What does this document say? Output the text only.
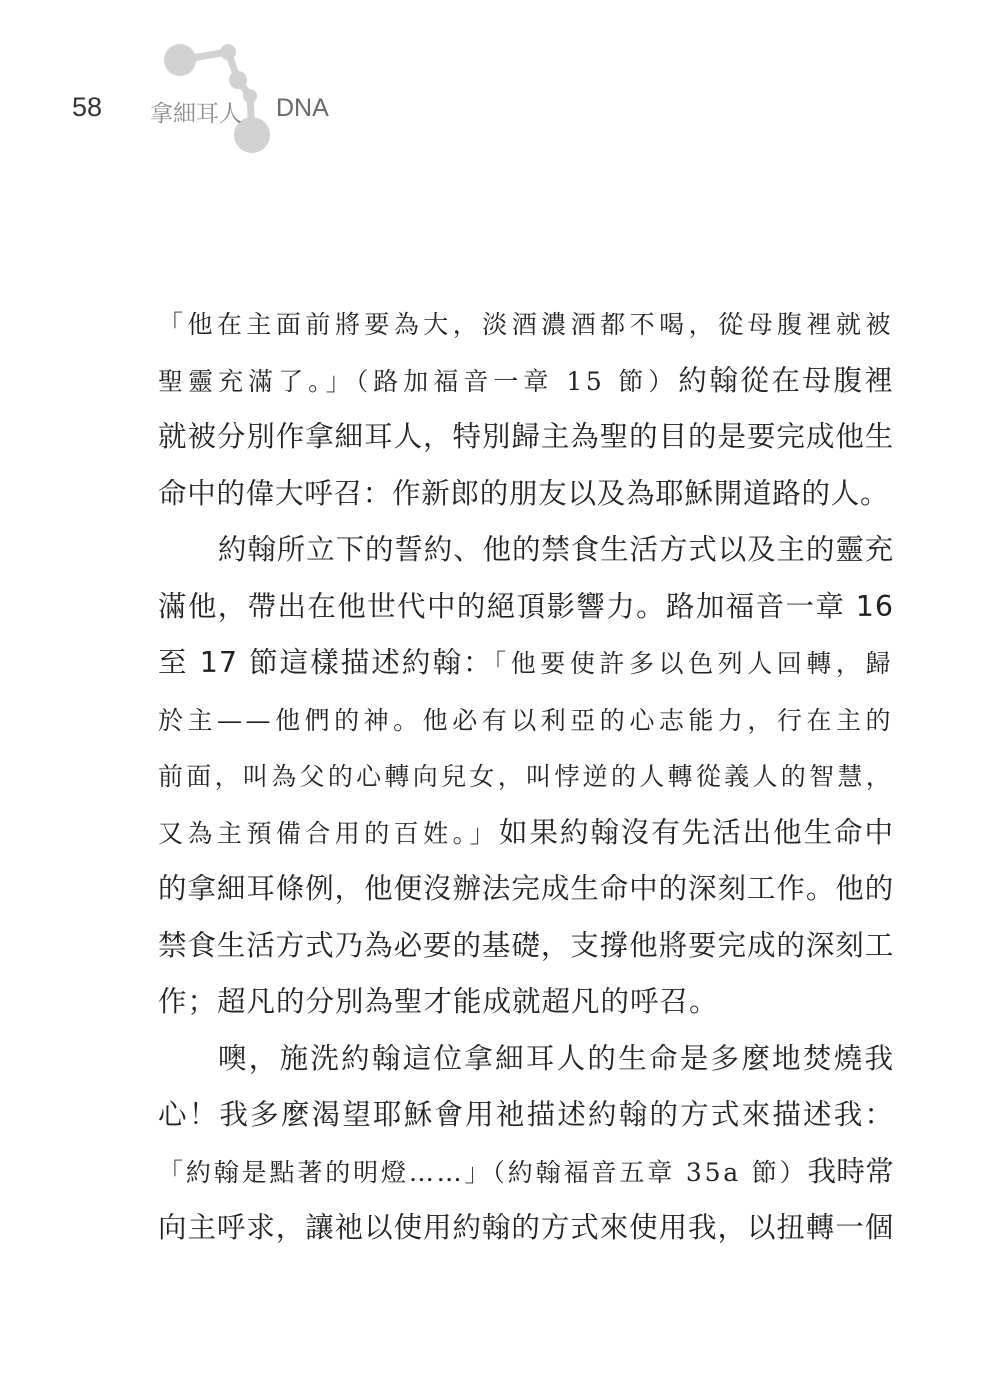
58 拿細耳人 DNA
「他在主面前將要為大，淡酒濃酒都不喝，從母腹裡就被
聖靈充滿了。」（路加福音一章 15 節）約翰從在母腹裡
就被分別作拿細耳人，特別歸主為聖的目的是要完成他生
命中的偉大呼召：作新郎的朋友以及為耶穌開道路的人。
約翰所立下的誓約、他的禁食生活方式以及主的靈充
滿他，帶出在他世代中的絕頂影響力。路加福音一章 16
至 17 節這樣描述約翰：「他要使許多以色列人回轉，歸
於主——他們的神。他必有以利亞的心志能力，行在主的
前面，叫為父的心轉向兒女，叫悖逆的人轉從義人的智慧，
又為主預備合用的百姓。」如果約翰沒有先活出他生命中
的拿細耳條例，他便沒辦法完成生命中的深刻工作。他的
禁食生活方式乃為必要的基礎，支撐他將要完成的深刻工
作；超凡的分別為聖才能成就超凡的呼召。
噢，施洗約翰這位拿細耳人的生命是多麼地焚燒我
心！我多麼渴望耶穌會用祂描述約翰的方式來描述我：
「約翰是點著的明燈……」（約翰福音五章 35a 節）我時常
向主呼求，讓祂以使用約翰的方式來使用我，以扭轉一個
